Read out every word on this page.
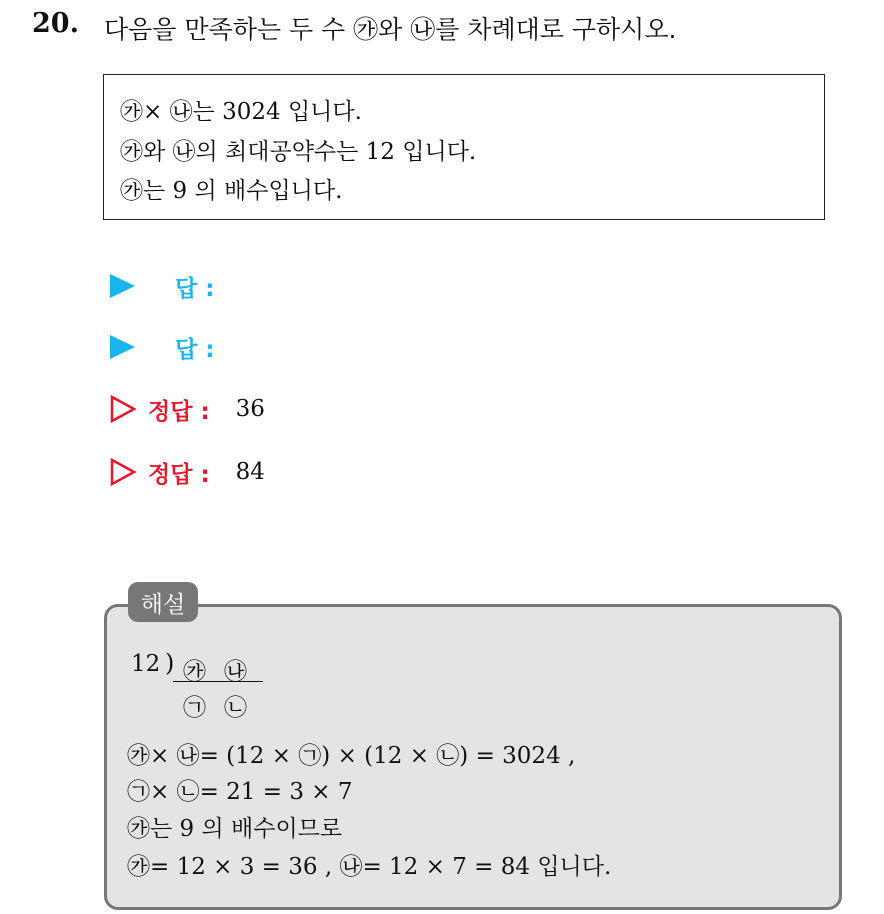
20. 다음을 만족하는 두 수 ㉮와 ㉯를 차례대로 구하시오.
㉮× ㉯는 3024 입니다.
㉮와 ㉯의 최대공약수는 12 입니다.
㉮는 9 의 배수입니다.
답 :
답 :
정답 : 36
정답 : 84
12 ) ㉮ ㉯
㉠ ㉡
㉮× ㉯= (12 × ㉠) × (12 × ㉡) = 3024 ,
㉠× ㉡= 21 = 3 × 7
㉮는 9 의 배수이므로
㉮= 12 × 3 = 36 , ㉯= 12 × 7 = 84 입니다.
해설
